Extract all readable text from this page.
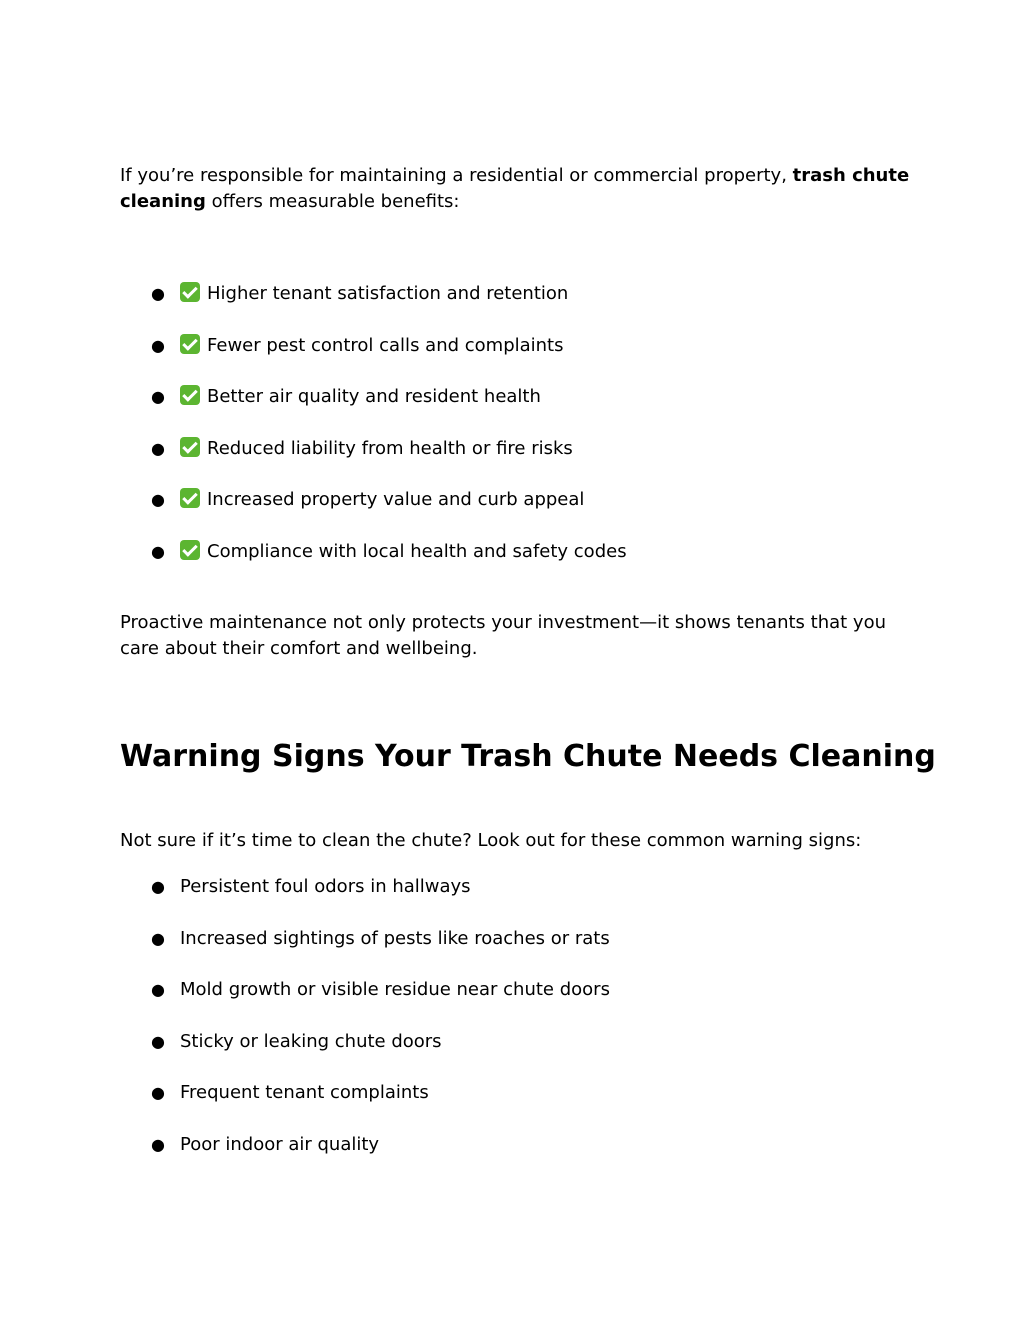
If you’re responsible for maintaining a residential or commercial property, trash chute cleaning offers measurable benefits:

●	Higher tenant satisfaction and retention
●	Fewer pest control calls and complaints
●	Better air quality and resident health
●	Reduced liability from health or fire risks
●	Increased property value and curb appeal
●	Compliance with local health and safety codes

Proactive maintenance not only protects your investment—it shows tenants that you care about their comfort and wellbeing.

Warning Signs Your Trash Chute Needs Cleaning

Not sure if it’s time to clean the chute? Look out for these common warning signs:

● Persistent foul odors in hallways
● Increased sightings of pests like roaches or rats
● Mold growth or visible residue near chute doors
● Sticky or leaking chute doors
● Frequent tenant complaints
● Poor indoor air quality
